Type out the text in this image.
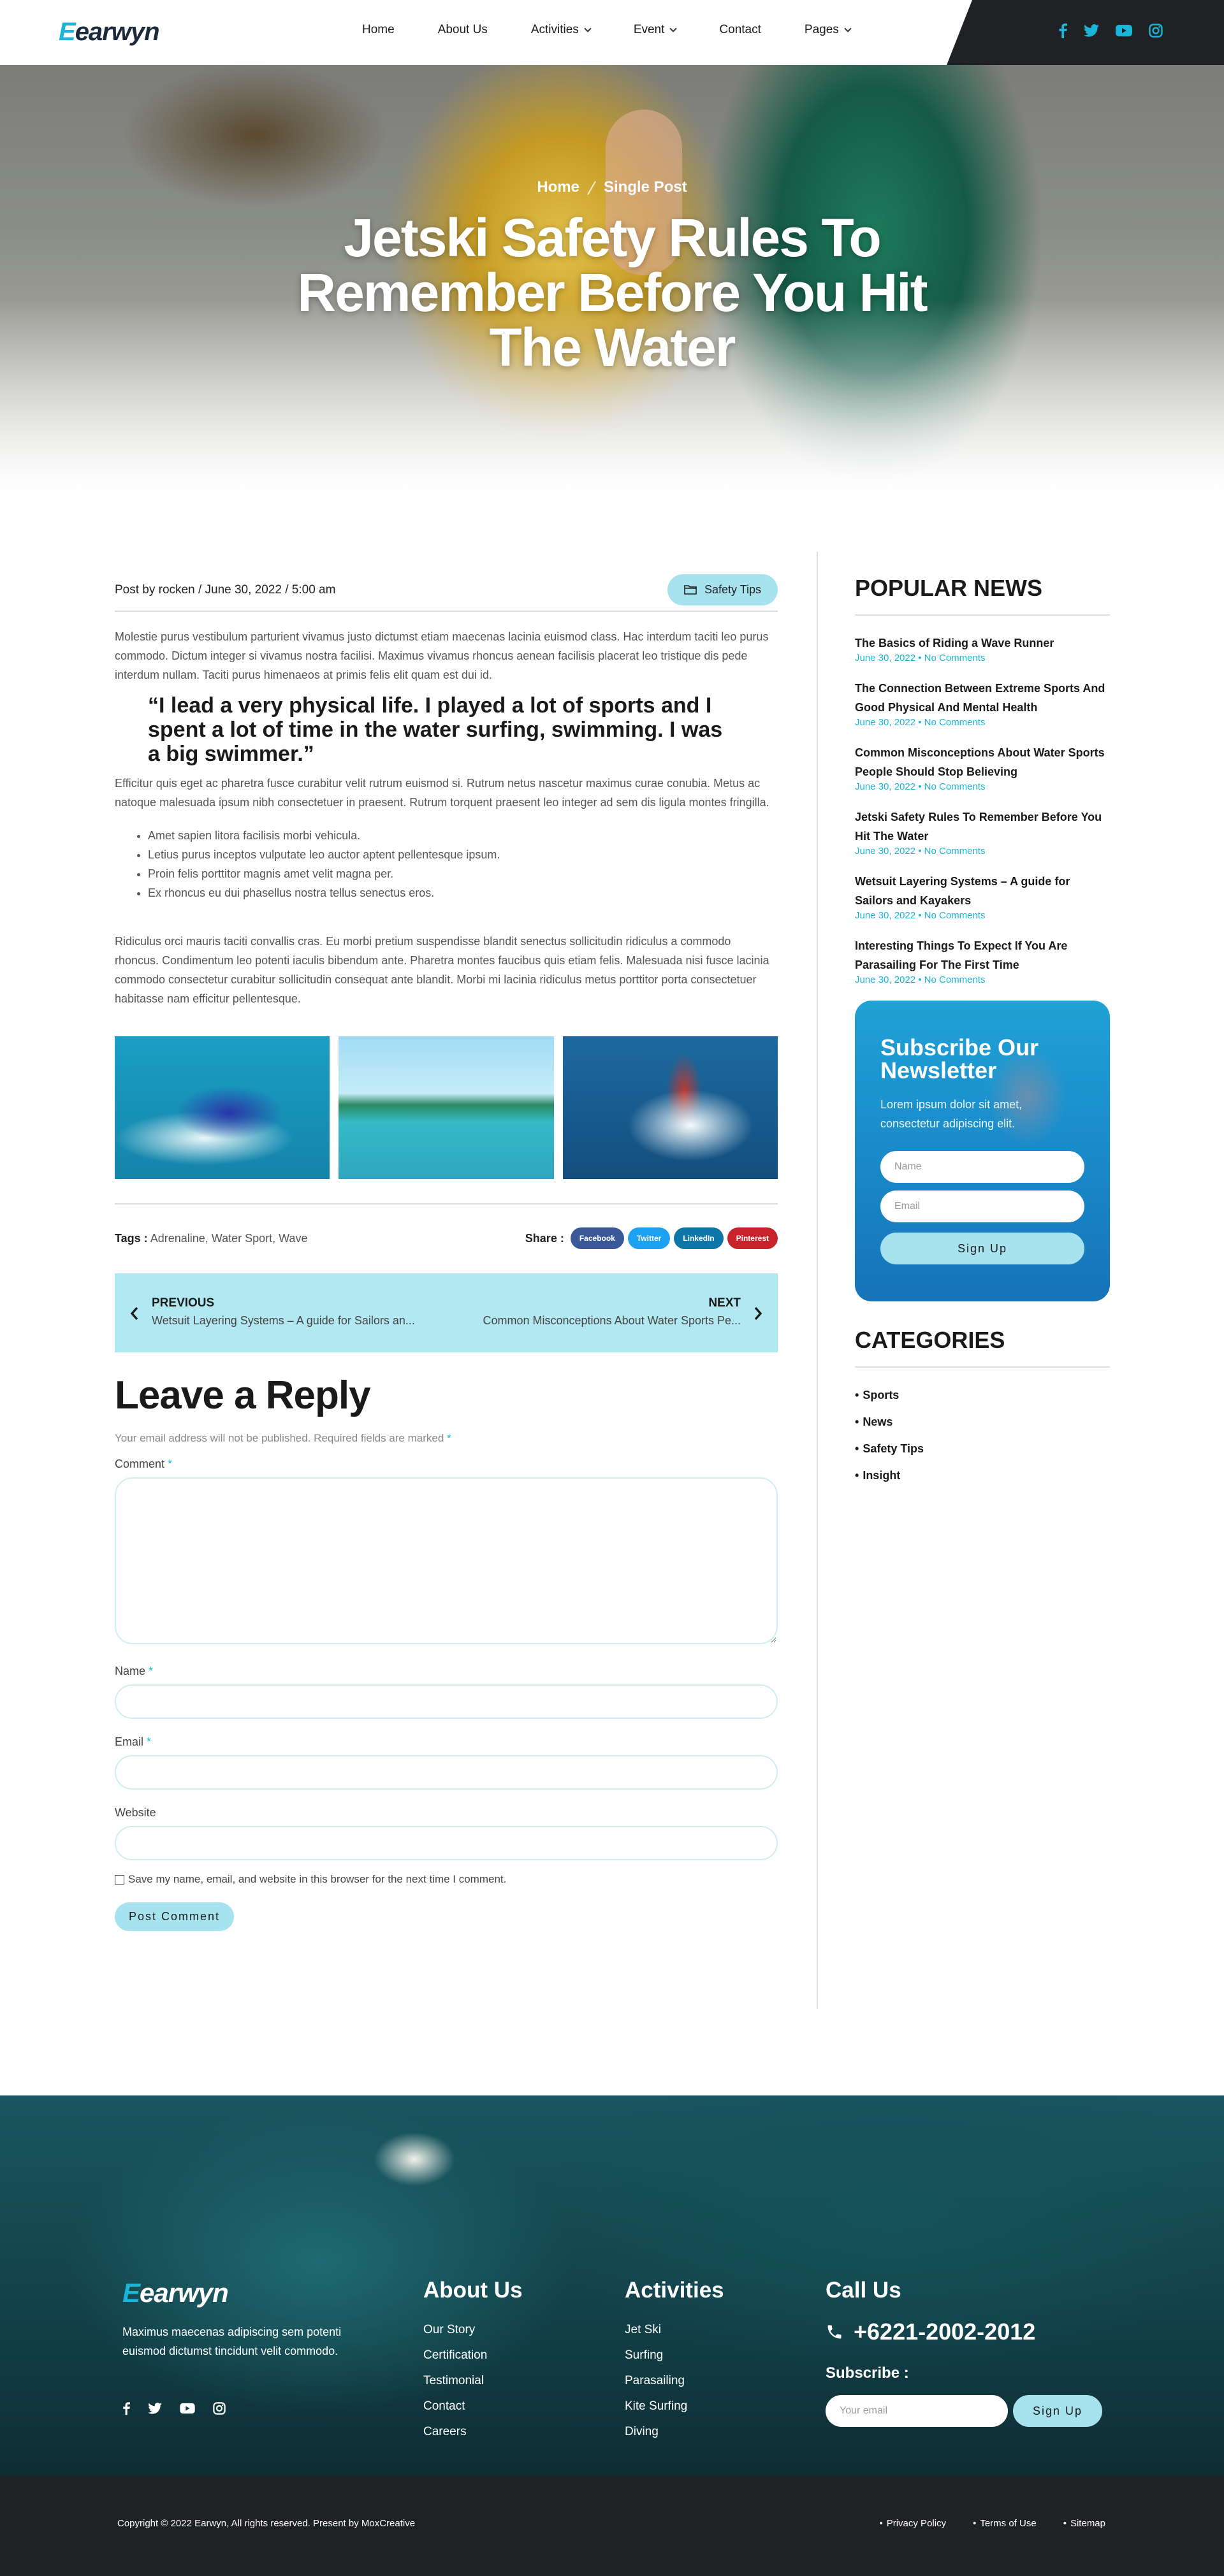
Eearwyn	Home	About Us	Activities	Event	Contact	Pages
Home Single Post
Jetski Safety Rules To Remember Before You Hit The Water
Post by rocken / June 30, 2022 / 5:00 am	Safety Tips

Molestie purus vestibulum parturient vivamus justo dictumst etiam maecenas lacinia euismod class. Hac interdum taciti leo purus commodo. Dictum integer si vivamus nostra facilisi. Maximus vivamus rhoncus aenean facilisis placerat leo tristique dis pede interdum nullam. Taciti purus himenaeos at primis felis elit quam est dui id.

“I lead a very physical life. I played a lot of sports and I spent a lot of time in the water surfing, swimming. I was a big swimmer.”

Efficitur quis eget ac pharetra fusce curabitur velit rutrum euismod si. Rutrum netus nascetur maximus curae conubia. Metus ac natoque malesuada ipsum nibh consectetuer in praesent. Rutrum torquent praesent leo integer ad sem dis ligula montes fringilla.

• Amet sapien litora facilisis morbi vehicula.
• Letius purus inceptos vulputate leo auctor aptent pellentesque ipsum.
• Proin felis porttitor magnis amet velit magna per.
• Ex rhoncus eu dui phasellus nostra tellus senectus eros.

Ridiculus orci mauris taciti convallis cras. Eu morbi pretium suspendisse blandit senectus sollicitudin ridiculus a commodo rhoncus. Condimentum leo potenti iaculis bibendum ante. Pharetra montes faucibus quis etiam felis. Malesuada nisi fusce lacinia commodo consectetur curabitur sollicitudin consequat ante blandit. Morbi mi lacinia ridiculus metus porttitor porta consectetuer habitasse nam efficitur pellentesque.

Tags : Adrenaline, Water Sport, Wave	Share :	Facebook	Twitter	LinkedIn	Pinterest
PREVIOUS
Wetsuit Layering Systems – A guide for Sailors an...
NEXT
Common Misconceptions About Water Sports Pe...
Leave a Reply
Your email address will not be published. Required fields are marked *
Comment *
Name *
Email *
Website
Save my name, email, and website in this browser for the next time I comment.
Post Comment
POPULAR NEWS
The Basics of Riding a Wave Runner
June 30, 2022 • No Comments
The Connection Between Extreme Sports And Good Physical And Mental Health
June 30, 2022 • No Comments
Common Misconceptions About Water Sports People Should Stop Believing
June 30, 2022 • No Comments
Jetski Safety Rules To Remember Before You Hit The Water
June 30, 2022 • No Comments
Wetsuit Layering Systems – A guide for Sailors and Kayakers
June 30, 2022 • No Comments
Interesting Things To Expect If You Are Parasailing For The First Time
June 30, 2022 • No Comments
Subscribe Our Newsletter

Lorem ipsum dolor sit amet, consectetur adipiscing elit.

Name
Email
Sign Up
CATEGORIES
• Sports
• News
• Safety Tips
• Insight
Eearwyn

Maximus maecenas adipiscing sem potenti euismod dictumst tincidunt velit commodo.

About Us
Our Story
Certification
Testimonial
Contact
Careers
Activities
Jet Ski
Surfing
Parasailing
Kite Surfing
Diving
Call Us
+6221-2002-2012
Subscribe :
Your email	Sign Up
Copyright © 2022 Earwyn, All rights reserved. Present by MoxCreative	• Privacy Policy	• Terms of Use	• Sitemap
